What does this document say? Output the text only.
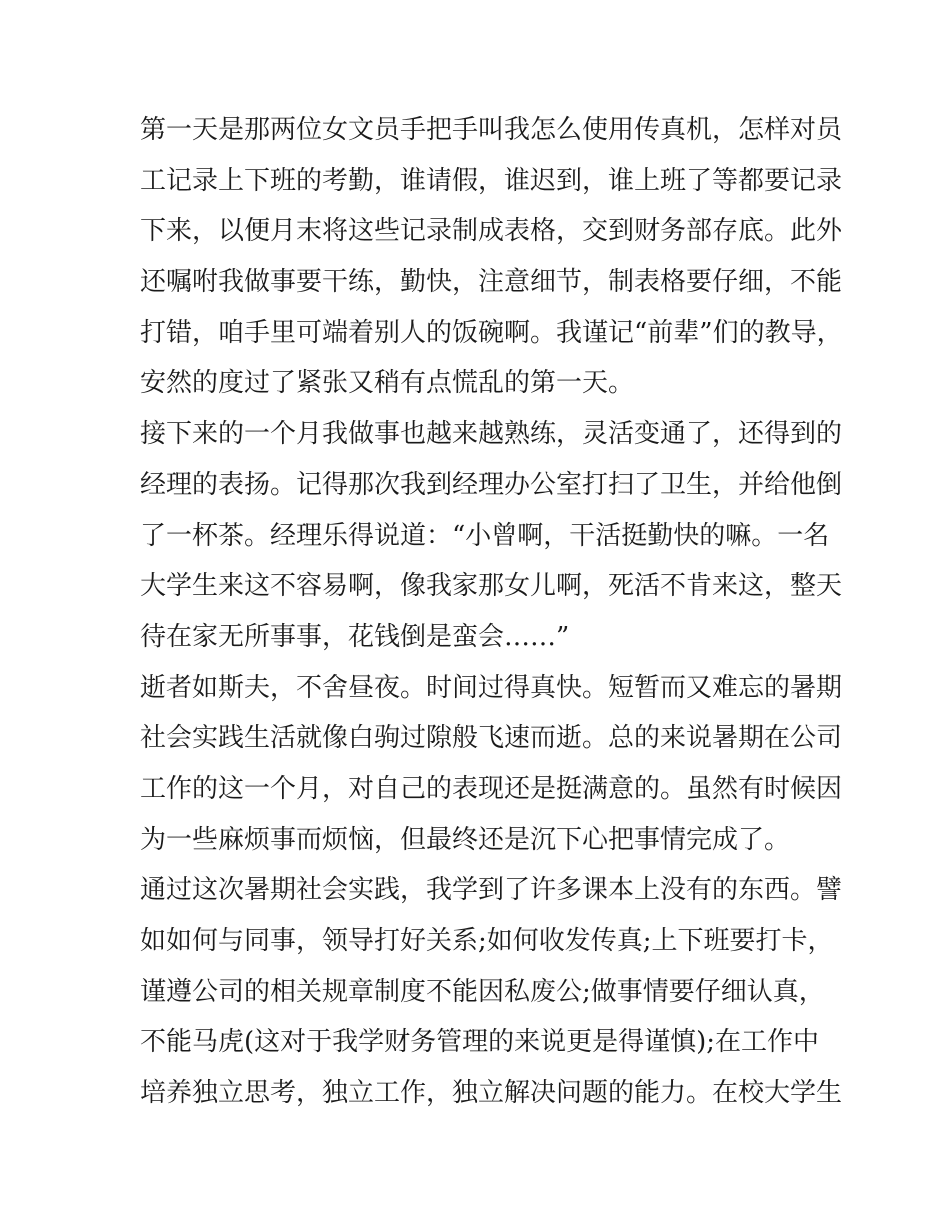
第一天是那两位女文员手把手叫我怎么使用传真机，怎样对员
工记录上下班的考勤，谁请假，谁迟到，谁上班了等都要记录
下来，以便月末将这些记录制成表格，交到财务部存底。此外
还嘱咐我做事要干练，勤快，注意细节，制表格要仔细，不能
打错，咱手里可端着别人的饭碗啊。我谨记“前辈”们的教导，
安然的度过了紧张又稍有点慌乱的第一天。
接下来的一个月我做事也越来越熟练，灵活变通了，还得到的
经理的表扬。记得那次我到经理办公室打扫了卫生，并给他倒
了一杯茶。经理乐得说道：“小曾啊，干活挺勤快的嘛。一名
大学生来这不容易啊，像我家那女儿啊，死活不肯来这，整天
待在家无所事事，花钱倒是蛮会……”
逝者如斯夫，不舍昼夜。时间过得真快。短暂而又难忘的暑期
社会实践生活就像白驹过隙般飞速而逝。总的来说暑期在公司
工作的这一个月，对自己的表现还是挺满意的。虽然有时候因
为一些麻烦事而烦恼，但最终还是沉下心把事情完成了。
通过这次暑期社会实践，我学到了许多课本上没有的东西。譬
如如何与同事，领导打好关系;如何收发传真;上下班要打卡，
谨遵公司的相关规章制度不能因私废公;做事情要仔细认真，
不能马虎(这对于我学财务管理的来说更是得谨慎);在工作中
培养独立思考，独立工作，独立解决问题的能力。在校大学生
